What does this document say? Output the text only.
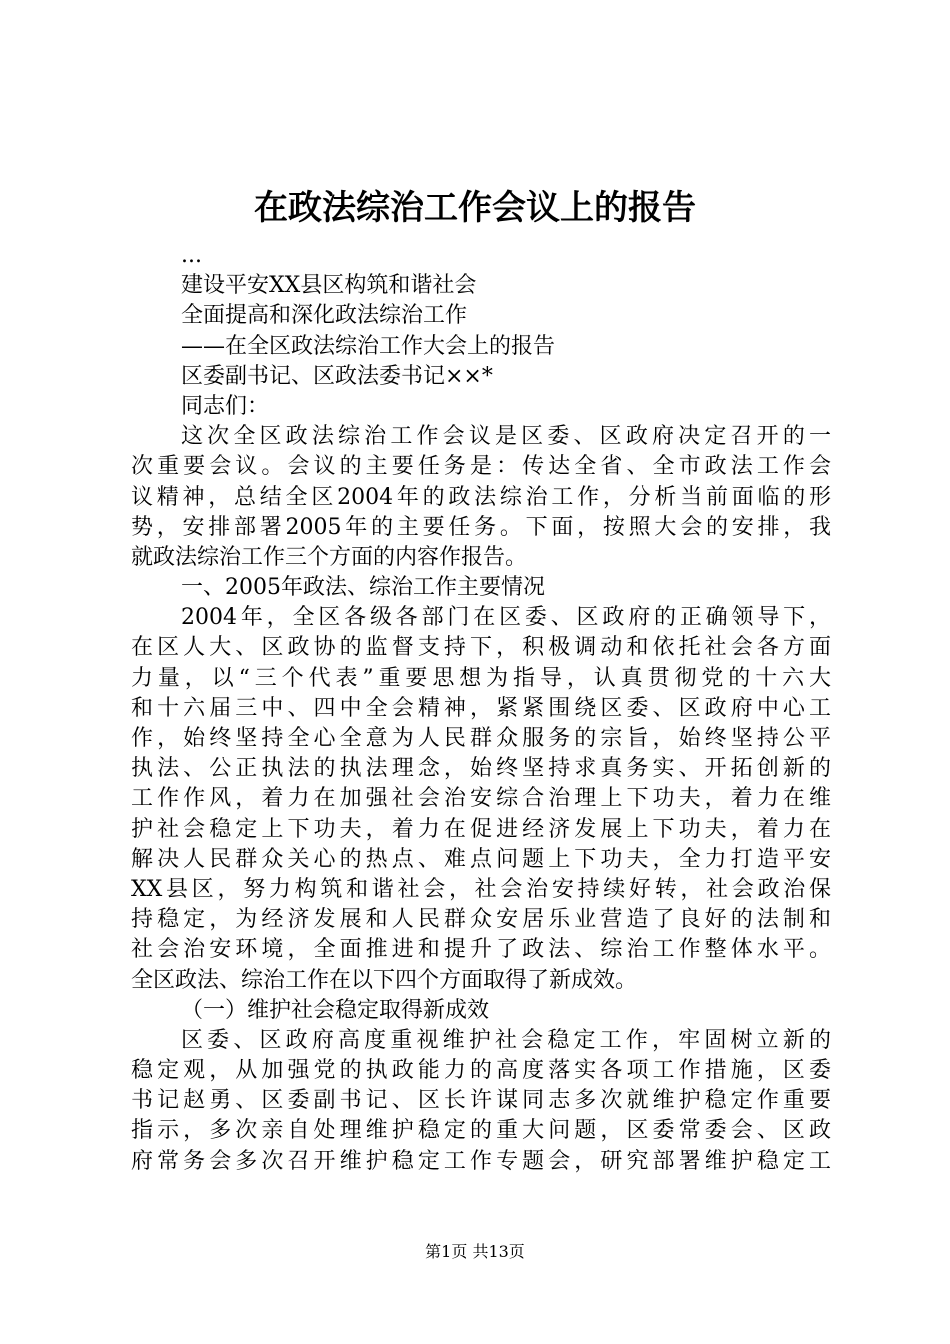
在政法综治工作会议上的报告
...
建设平安XX县区构筑和谐社会
全面提高和深化政法综治工作
——在全区政法综治工作大会上的报告
区委副书记、区政法委书记××*
同志们：
这次全区政法综治工作会议是区委、区政府决定召开的一
次重要会议。会议的主要任务是：传达全省、全市政法工作会
议精神，总结全区2004年的政法综治工作，分析当前面临的形
势，安排部署2005年的主要任务。下面，按照大会的安排，我
就政法综治工作三个方面的内容作报告。
一、2005年政法、综治工作主要情况
2004年，全区各级各部门在区委、区政府的正确领导下，
在区人大、区政协的监督支持下，积极调动和依托社会各方面
力量，以“三个代表”重要思想为指导，认真贯彻党的十六大
和十六届三中、四中全会精神，紧紧围绕区委、区政府中心工
作，始终坚持全心全意为人民群众服务的宗旨，始终坚持公平
执法、公正执法的执法理念，始终坚持求真务实、开拓创新的
工作作风，着力在加强社会治安综合治理上下功夫，着力在维
护社会稳定上下功夫，着力在促进经济发展上下功夫，着力在
解决人民群众关心的热点、难点问题上下功夫，全力打造平安
XX县区，努力构筑和谐社会，社会治安持续好转，社会政治保
持稳定，为经济发展和人民群众安居乐业营造了良好的法制和
社会治安环境，全面推进和提升了政法、综治工作整体水平。
全区政法、综治工作在以下四个方面取得了新成效。
（一）维护社会稳定取得新成效
区委、区政府高度重视维护社会稳定工作，牢固树立新的
稳定观，从加强党的执政能力的高度落实各项工作措施，区委
书记赵勇、区委副书记、区长许谋同志多次就维护稳定作重要
指示，多次亲自处理维护稳定的重大问题，区委常委会、区政
府常务会多次召开维护稳定工作专题会，研究部署维护稳定工
第1页 共13页
